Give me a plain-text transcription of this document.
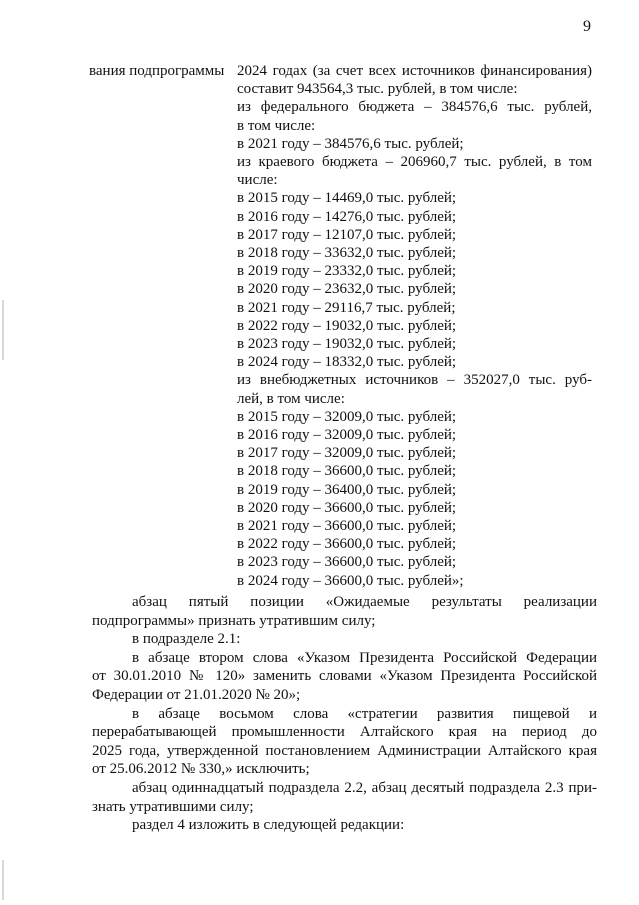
9
вания подпрограммы 2024 годах (за счет всех источников финансирования)
составит 943564,3 тыс. рублей, в том числе:
из федерального бюджета – 384576,6 тыс. рублей,
в том числе:
в 2021 году – 384576,6 тыс. рублей;
из краевого бюджета – 206960,7 тыс. рублей, в том
числе:
в 2015 году – 14469,0 тыс. рублей;
в 2016 году – 14276,0 тыс. рублей;
в 2017 году – 12107,0 тыс. рублей;
в 2018 году – 33632,0 тыс. рублей;
в 2019 году – 23332,0 тыс. рублей;
в 2020 году – 23632,0 тыс. рублей;
в 2021 году – 29116,7 тыс. рублей;
в 2022 году – 19032,0 тыс. рублей;
в 2023 году – 19032,0 тыс. рублей;
в 2024 году – 18332,0 тыс. рублей;
из внебюджетных источников – 352027,0 тыс. руб-
лей, в том числе:
в 2015 году – 32009,0 тыс. рублей;
в 2016 году – 32009,0 тыс. рублей;
в 2017 году – 32009,0 тыс. рублей;
в 2018 году – 36600,0 тыс. рублей;
в 2019 году – 36400,0 тыс. рублей;
в 2020 году – 36600,0 тыс. рублей;
в 2021 году – 36600,0 тыс. рублей;
в 2022 году – 36600,0 тыс. рублей;
в 2023 году – 36600,0 тыс. рублей;
в 2024 году – 36600,0 тыс. рублей»;
абзац пятый позиции «Ожидаемые результаты реализации
подпрограммы» признать утратившим силу;
в подразделе 2.1:
в абзаце втором слова «Указом Президента Российской Федерации
от 30.01.2010 № 120» заменить словами «Указом Президента Российской
Федерации от 21.01.2020 № 20»;
в абзаце восьмом слова «стратегии развития пищевой и
перерабатывающей промышленности Алтайского края на период до
2025 года, утвержденной постановлением Администрации Алтайского края
от 25.06.2012 № 330,» исключить;
абзац одиннадцатый подраздела 2.2, абзац десятый подраздела 2.3 при-
знать утратившими силу;
раздел 4 изложить в следующей редакции:
